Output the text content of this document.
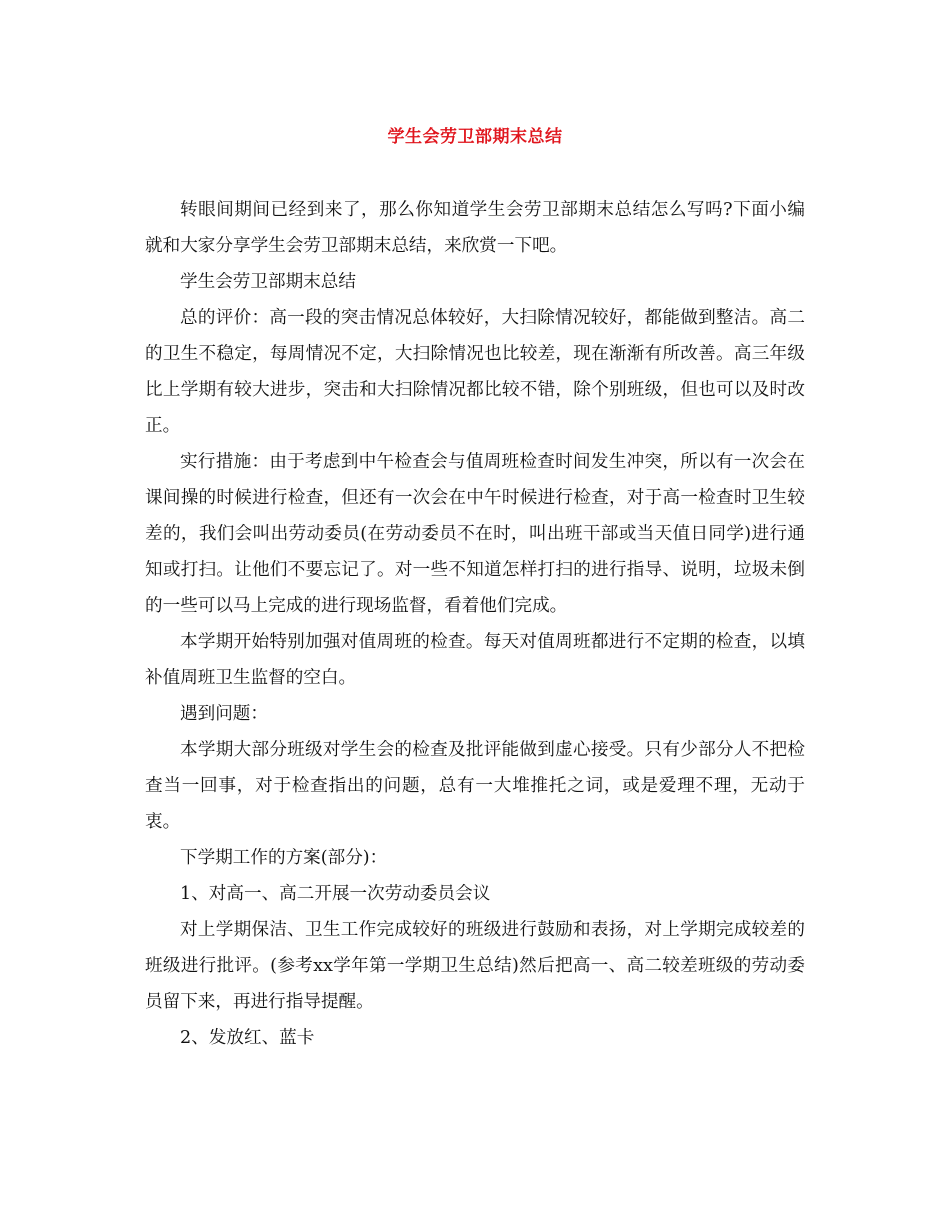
学生会劳卫部期末总结

转眼间期间已经到来了，那么你知道学生会劳卫部期末总结怎么写吗?下面小编就和大家分享学生会劳卫部期末总结，来欣赏一下吧。

学生会劳卫部期末总结

总的评价：高一段的突击情况总体较好，大扫除情况较好，都能做到整洁。高二的卫生不稳定，每周情况不定，大扫除情况也比较差，现在渐渐有所改善。高三年级比上学期有较大进步，突击和大扫除情况都比较不错，除个别班级，但也可以及时改正。

实行措施：由于考虑到中午检查会与值周班检查时间发生冲突，所以有一次会在课间操的时候进行检查，但还有一次会在中午时候进行检查，对于高一检查时卫生较差的，我们会叫出劳动委员(在劳动委员不在时，叫出班干部或当天值日同学)进行通知或打扫。让他们不要忘记了。对一些不知道怎样打扫的进行指导、说明，垃圾未倒的一些可以马上完成的进行现场监督，看着他们完成。

本学期开始特别加强对值周班的检查。每天对值周班都进行不定期的检查，以填补值周班卫生监督的空白。

遇到问题：

本学期大部分班级对学生会的检查及批评能做到虚心接受。只有少部分人不把检查当一回事，对于检查指出的问题，总有一大堆推托之词，或是爱理不理，无动于衷。

下学期工作的方案(部分)：

1、对高一、高二开展一次劳动委员会议

对上学期保洁、卫生工作完成较好的班级进行鼓励和表扬，对上学期完成较差的班级进行批评。(参考xx学年第一学期卫生总结)然后把高一、高二较差班级的劳动委员留下来，再进行指导提醒。

2、发放红、蓝卡
